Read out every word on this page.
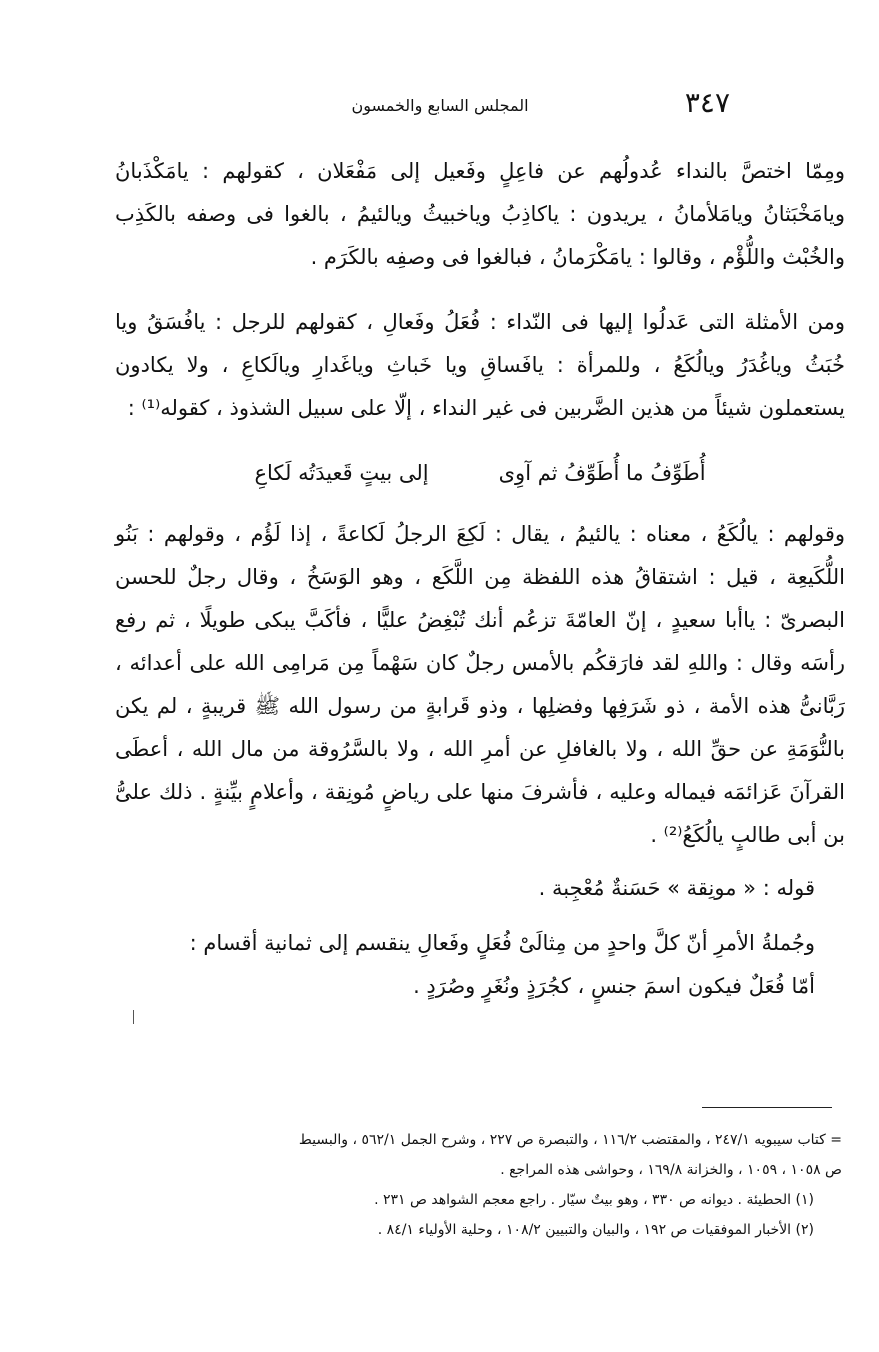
٣٤٧
المجلس السابع والخمسون

ومِمّا اختصَّ بالنداء عُدولُهم عن فاعِلٍ وفَعيل إلى مَفْعَلان ، كقولهم : يامَكْذَبانُ ويامَخْبَثانُ ويامَلأمانُ ، يريدون : ياكاذِبُ وياخبيثُ ويالئيمُ ، بالغوا فى وصفه بالكَذِب والخُبْث واللُّؤْم ، وقالوا : يامَكْرَمانُ ، فبالغوا فى وصفِه بالكَرَم .

ومن الأمثلة التى عَدلُوا إليها فى النّداء : فُعَلُ وفَعالِ ، كقولهم للرجل : يافُسَقُ ويا خُبَثُ وياغُدَرُ ويالُكَعُ ، وللمرأة : يافَساقِ ويا خَباثِ وياغَدارِ ويالَكاعِ ، ولا يكادون يستعملون شيئاً من هذين الضَّربين فى غير النداء ، إلّا على سبيل الشذوذ ، كقوله⁽¹⁾ :

أُطَوِّفُ ما أُطَوِّفُ ثم آوِى
إلى بيتٍ قَعيدَتُه لَكاعِ

وقولهم : يالُكَعُ ، معناه : يالئيمُ ، يقال : لَكِعَ الرجلُ لَكاعةً ، إذا لَؤُم ، وقولهم : بَنُو اللُّكَيعِة ، قيل : اشتقاقُ هذه اللفظة مِن اللَّكَع ، وهو الوَسَخُ ، وقال رجلٌ للحسن البصرىّ : ياأبا سعيدٍ ، إنّ العامّةَ تزعُم أنك تُبْغِضُ عليًّا ، فأكَبَّ يبكى طويلًا ، ثم رفع رأسَه وقال : واللهِ لقد فارَقكُم بالأمس رجلٌ كان سَهْماً مِن مَرامِى الله على أعدائه ، رَبَّانىُّ هذه الأمة ، ذو شَرَفِها وفضلِها ، وذو قَرابةٍ من رسول الله ﷺ قريبةٍ ، لم يكن بالنُّوَمَةِ عن حقِّ الله ، ولا بالغافلِ عن أمرِ الله ، ولا بالسَّرُوقة من مال الله ، أعطَى القرآنَ عَزائمَه فيماله وعليه ، فأشرفَ منها على رياضٍ مُونِقة ، وأعلامٍ بيِّنةٍ . ذلك علىُّ بن أبى طالبٍ يالُكَعُ⁽²⁾ .

قوله : « مونِقة » حَسَنةٌ مُعْجِبة .

وجُملةُ الأمرِ أنّ كلَّ واحدٍ من مِثالَىْ فُعَلٍ وفَعالِ ينقسم إلى ثمانية أقسام :

أمّا فُعَلٌ فيكون اسمَ جنسٍ ، كجُرَذٍ ونُغَرٍ وصُرَدٍ .

= كتاب سيبويه ٢٤٧/١ ، والمقتضب ١١٦/٢ ، والتبصرة ص ٢٢٧ ، وشرح الجمل ٥٦٢/١ ، والبسيط

ص ١٠٥٨ ، ١٠٥٩ ، والخزانة ١٦٩/٨ ، وحواشى هذه المراجع .

(١) الحطيئة . ديوانه ص ٣٣٠ ، وهو بيتٌ سيّار . راجع معجم الشواهد ص ٢٣١ .

(٢) الأخبار الموفقيات ص ١٩٢ ، والبيان والتبيين ١٠٨/٢ ، وحلية الأولياء ٨٤/١ .
